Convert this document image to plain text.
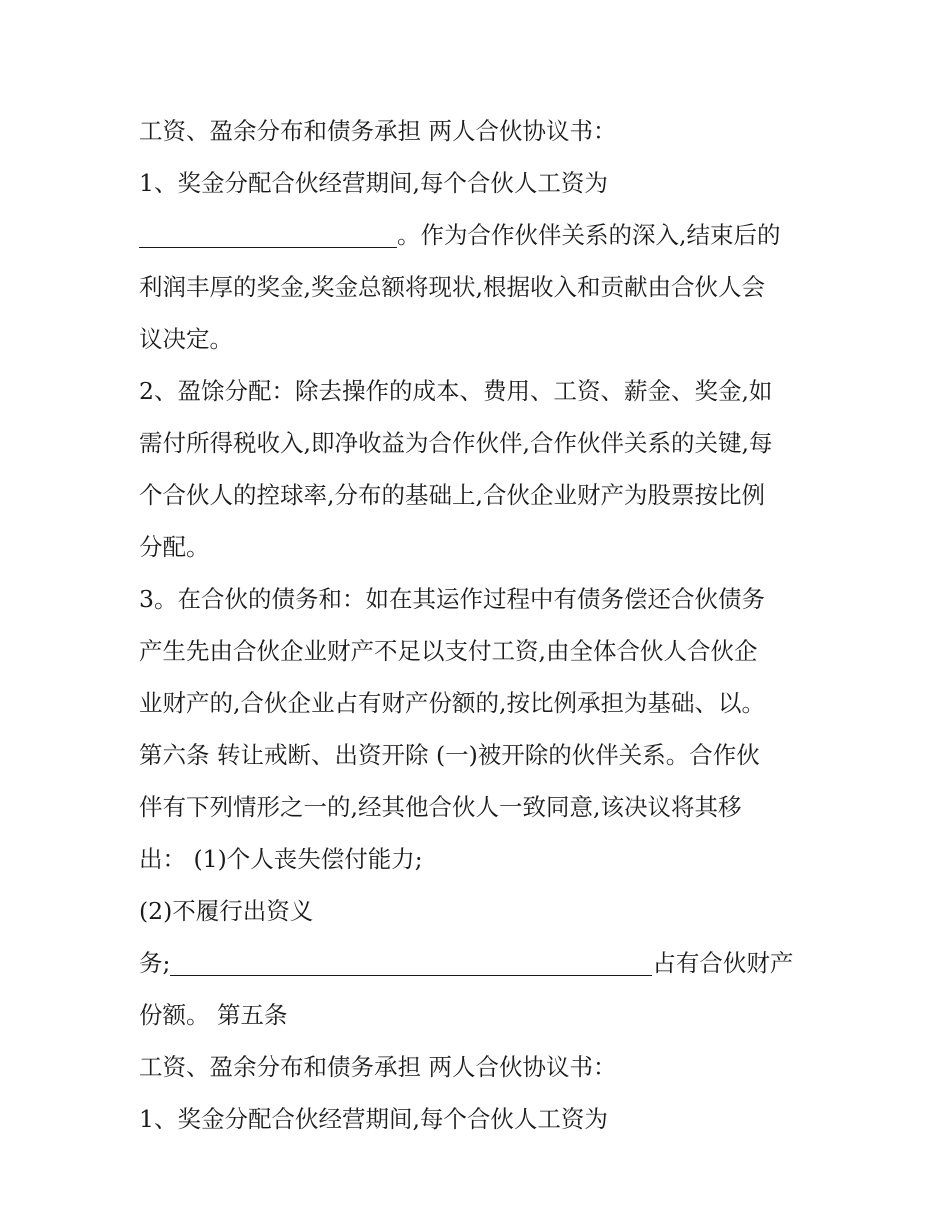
工资、盈余分布和债务承担 两人合伙协议书：
1、奖金分配合伙经营期间,每个合伙人工资为
。作为合作伙伴关系的深入,结束后的
利润丰厚的奖金,奖金总额将现状,根据收入和贡献由合伙人会
议决定。
2、盈馀分配：除去操作的成本、费用、工资、薪金、奖金,如
需付所得税收入,即净收益为合作伙伴,合作伙伴关系的关键,每
个合伙人的控球率,分布的基础上,合伙企业财产为股票按比例
分配。
3。在合伙的债务和：如在其运作过程中有债务偿还合伙债务
产生先由合伙企业财产不足以支付工资,由全体合伙人合伙企
业财产的,合伙企业占有财产份额的,按比例承担为基础、以。
第六条 转让戒断、出资开除 (一)被开除的伙伴关系。合作伙
伴有下列情形之一的,经其他合伙人一致同意,该决议将其移
出： (1)个人丧失偿付能力;
(2)不履行出资义
务;	占有合伙财产
份额。 第五条
工资、盈余分布和债务承担 两人合伙协议书：
1、奖金分配合伙经营期间,每个合伙人工资为
